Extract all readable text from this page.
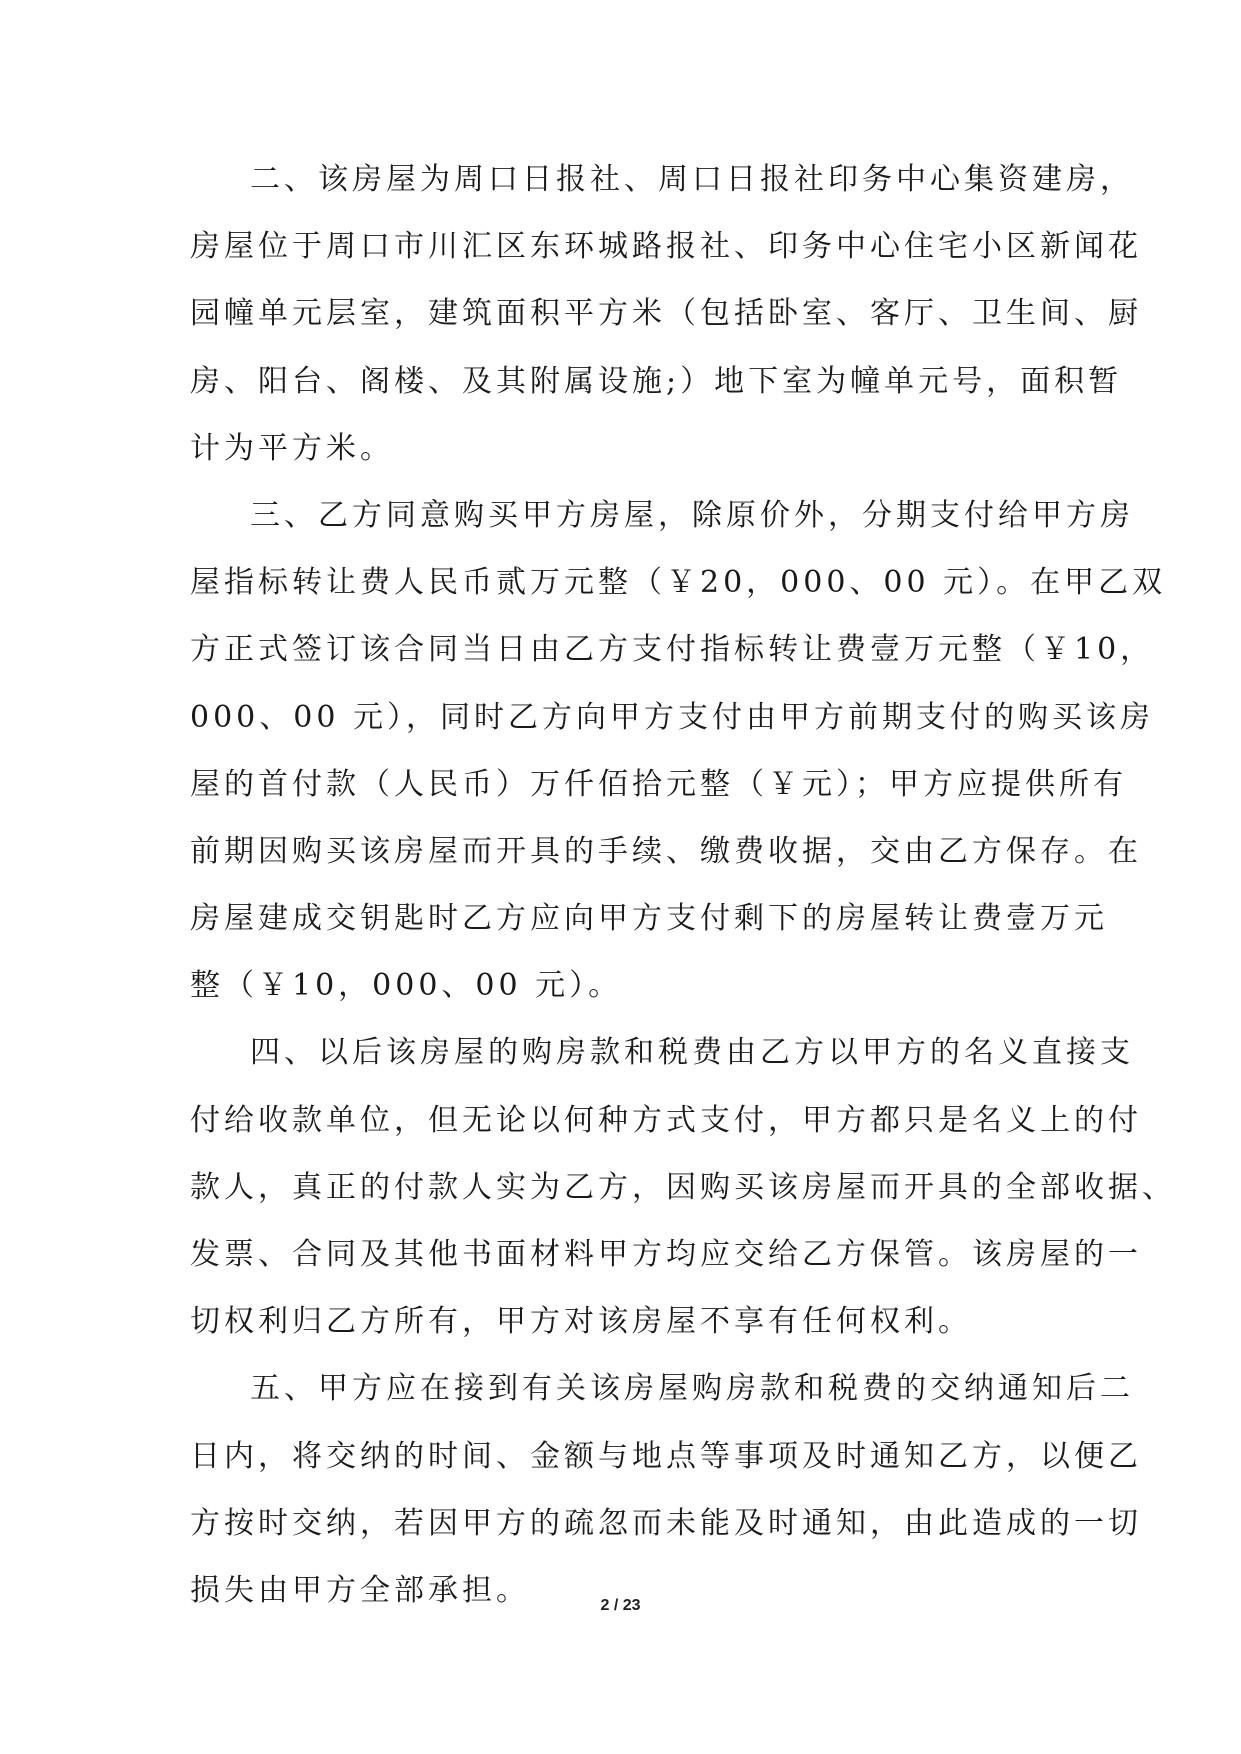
二、该房屋为周口日报社、周口日报社印务中心集资建房，
房屋位于周口市川汇区东环城路报社、印务中心住宅小区新闻花
园幢单元层室，建筑面积平方米（包括卧室、客厅、卫生间、厨
房、阳台、阁楼、及其附属设施;）地下室为幢单元号，面积暂
计为平方米。
三、乙方同意购买甲方房屋，除原价外，分期支付给甲方房
屋指标转让费人民币贰万元整（￥20，000、00 元）。在甲乙双
方正式签订该合同当日由乙方支付指标转让费壹万元整（￥10，
000、00 元），同时乙方向甲方支付由甲方前期支付的购买该房
屋的首付款（人民币）万仟佰拾元整（￥元）；甲方应提供所有
前期因购买该房屋而开具的手续、缴费收据，交由乙方保存。在
房屋建成交钥匙时乙方应向甲方支付剩下的房屋转让费壹万元
整（￥10，000、00 元）。
四、以后该房屋的购房款和税费由乙方以甲方的名义直接支
付给收款单位，但无论以何种方式支付，甲方都只是名义上的付
款人，真正的付款人实为乙方，因购买该房屋而开具的全部收据、
发票、合同及其他书面材料甲方均应交给乙方保管。该房屋的一
切权利归乙方所有，甲方对该房屋不享有任何权利。
五、甲方应在接到有关该房屋购房款和税费的交纳通知后二
日内，将交纳的时间、金额与地点等事项及时通知乙方，以便乙
方按时交纳，若因甲方的疏忽而未能及时通知，由此造成的一切
损失由甲方全部承担。	2 / 23
